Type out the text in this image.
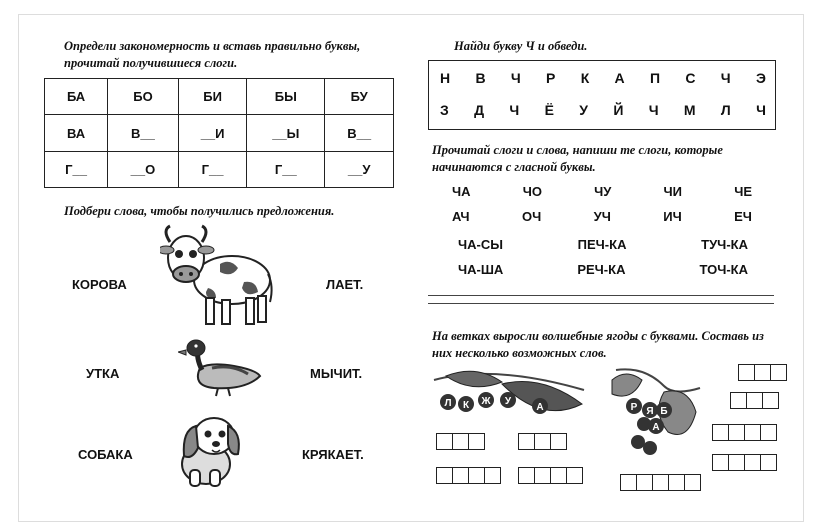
Определи закономерность и вставь правильно буквы, прочитай получившиеся слоги.
БА	БО	БИ	БЫ	БУ
ВА	В__	__И	__Ы	В__
Г__	__О	Г__	Г__	__У
Подбери слова, чтобы получились предложения.
КОРОВА
УТКА
СОБАКА
ЛАЕТ.
МЫЧИТ.
КРЯКАЕТ.
Найди букву Ч и обведи.
Н В Ч Р К А П С Ч Э
З Д Ч Ё У Й Ч М Л Ч
Прочитай слоги и слова, напиши те слоги, которые начинаются с гласной буквы.
ЧА	ЧО	ЧУ	ЧИ	ЧЕ
АЧ	ОЧ	УЧ	ИЧ	ЕЧ
ЧА-СЫ	ПЕЧ-КА	ТУЧ-КА
ЧА-ША	РЕЧ-КА	ТОЧ-КА
На ветках выросли волшебные ягоды с буквами. Составь из них несколько возможных слов.
Л К Ж У
А	Р Я Б
А
